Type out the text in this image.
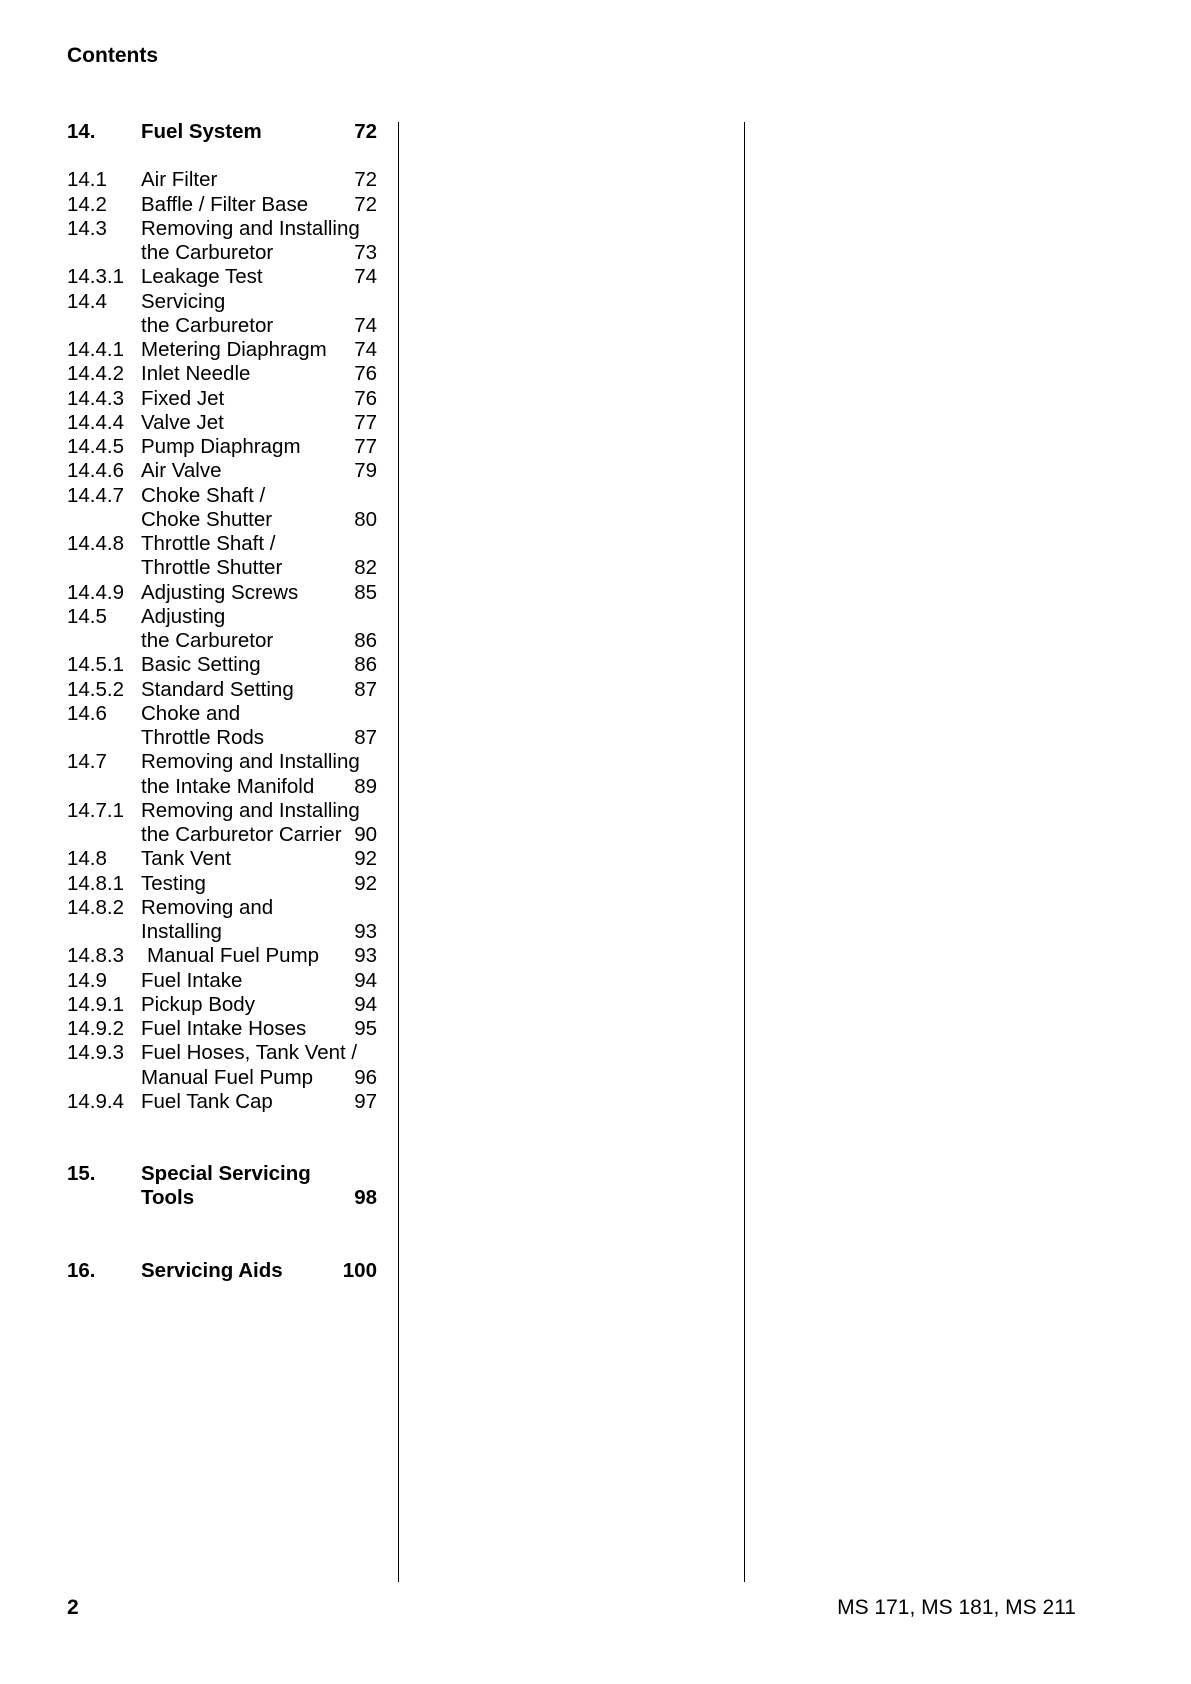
Contents
14. Fuel System	72
14.1 Air Filter	72
14.2 Baffle / Filter Base 72
14.3 Removing and Installing
the Carburetor	73
14.3.1 Leakage Test	74
14.4 Servicing
the Carburetor	74
14.4.1 Metering Diaphragm 74
14.4.2 Inlet Needle	76
14.4.3 Fixed Jet	76
14.4.4 Valve Jet	77
14.4.5 Pump Diaphragm	77
14.4.6 Air Valve	79
14.4.7 Choke Shaft /
Choke Shutter	80
14.4.8 Throttle Shaft /
Throttle Shutter	82
14.4.9 Adjusting Screws	85
14.5 Adjusting
the Carburetor	86
14.5.1 Basic Setting	86
14.5.2 Standard Setting	87
14.6 Choke and
Throttle Rods	87
14.7 Removing and Installing
the Intake Manifold 89
14.7.1 Removing and Installing
the Carburetor Carrier 90
14.8 Tank Vent	92
14.8.1 Testing	92
14.8.2 Removing and
Installing	93
14.8.3 Manual Fuel Pump 93
14.9 Fuel Intake	94
14.9.1 Pickup Body	94
14.9.2 Fuel Intake Hoses 95
14.9.3 Fuel Hoses, Tank Vent /
Manual Fuel Pump 96
14.9.4 Fuel Tank Cap	97
15. Special Servicing
Tools	98
16. Servicing Aids	100
2	MS 171, MS 181, MS 211
